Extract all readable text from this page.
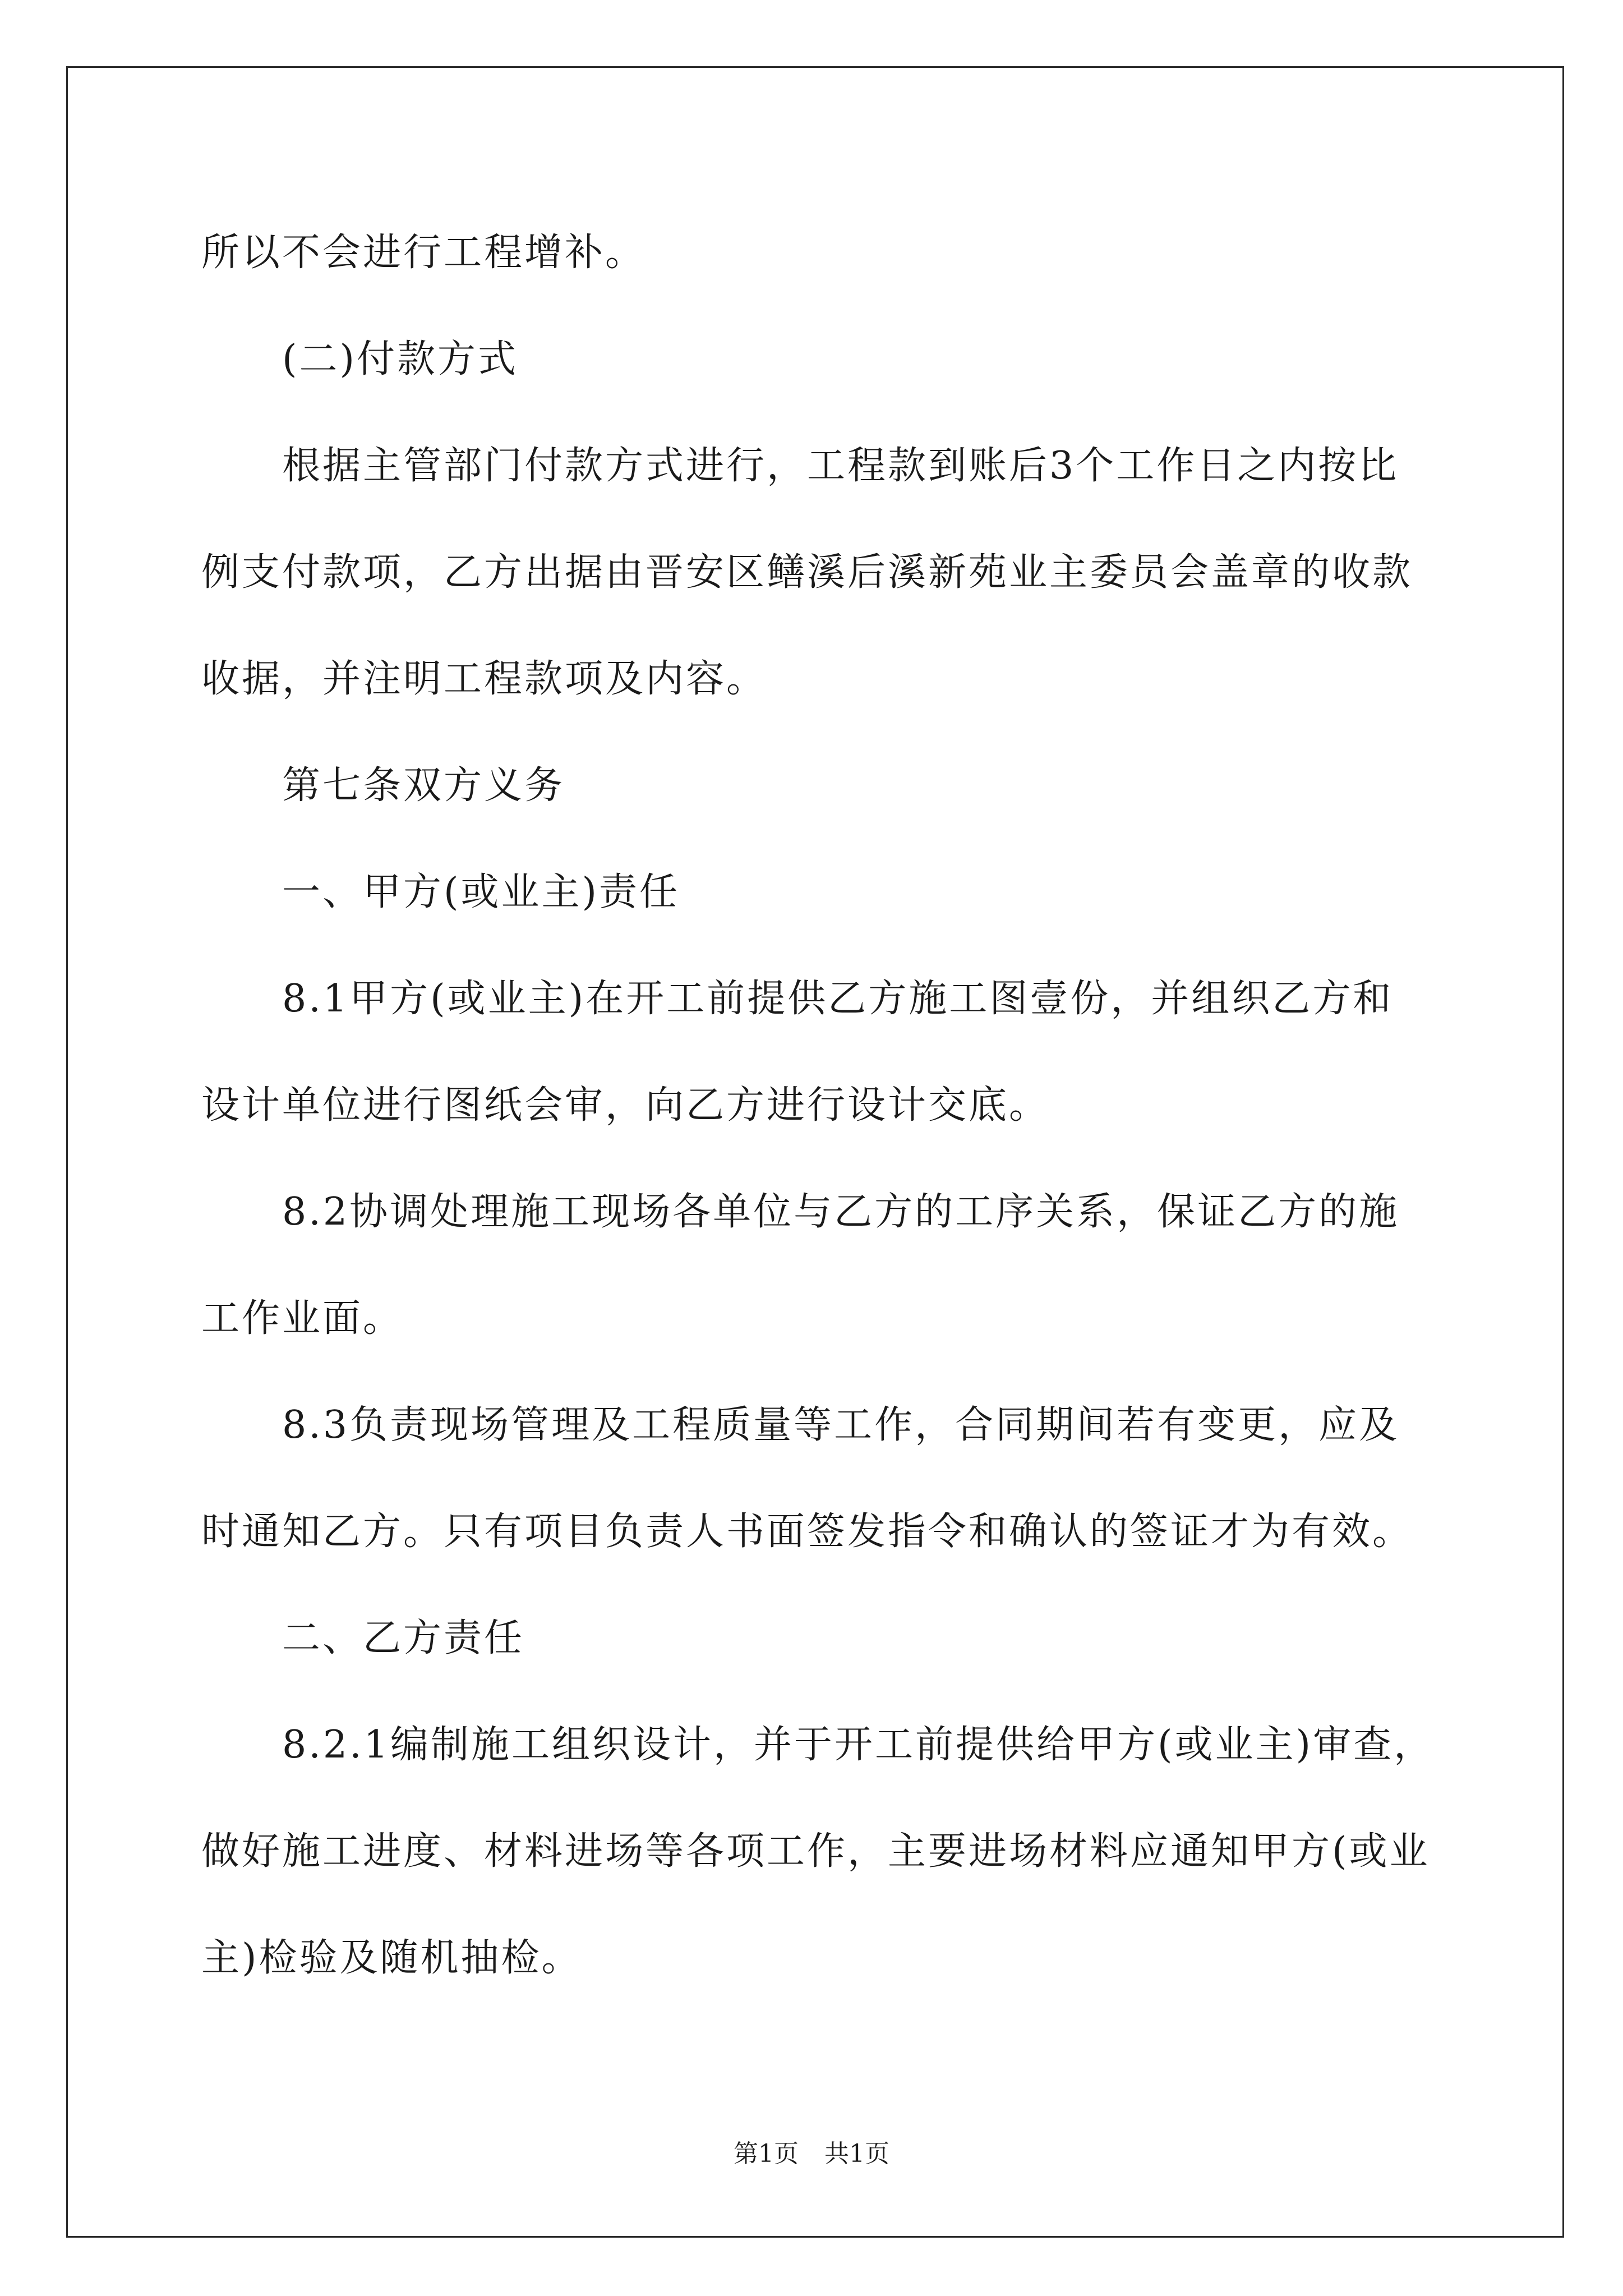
所以不会进行工程增补。
(二)付款方式
根据主管部门付款方式进行，工程款到账后3个工作日之内按比
例支付款项，乙方出据由晋安区鳝溪后溪新苑业主委员会盖章的收款
收据，并注明工程款项及内容。
第七条双方义务
一、甲方(或业主)责任
8.1甲方(或业主)在开工前提供乙方施工图壹份，并组织乙方和
设计单位进行图纸会审，向乙方进行设计交底。
8.2协调处理施工现场各单位与乙方的工序关系，保证乙方的施
工作业面。
8.3负责现场管理及工程质量等工作，合同期间若有变更，应及
时通知乙方。只有项目负责人书面签发指令和确认的签证才为有效。
二、乙方责任
8.2.1编制施工组织设计，并于开工前提供给甲方(或业主)审查，
做好施工进度、材料进场等各项工作，主要进场材料应通知甲方(或业
主)检验及随机抽检。
第1页 共1页
